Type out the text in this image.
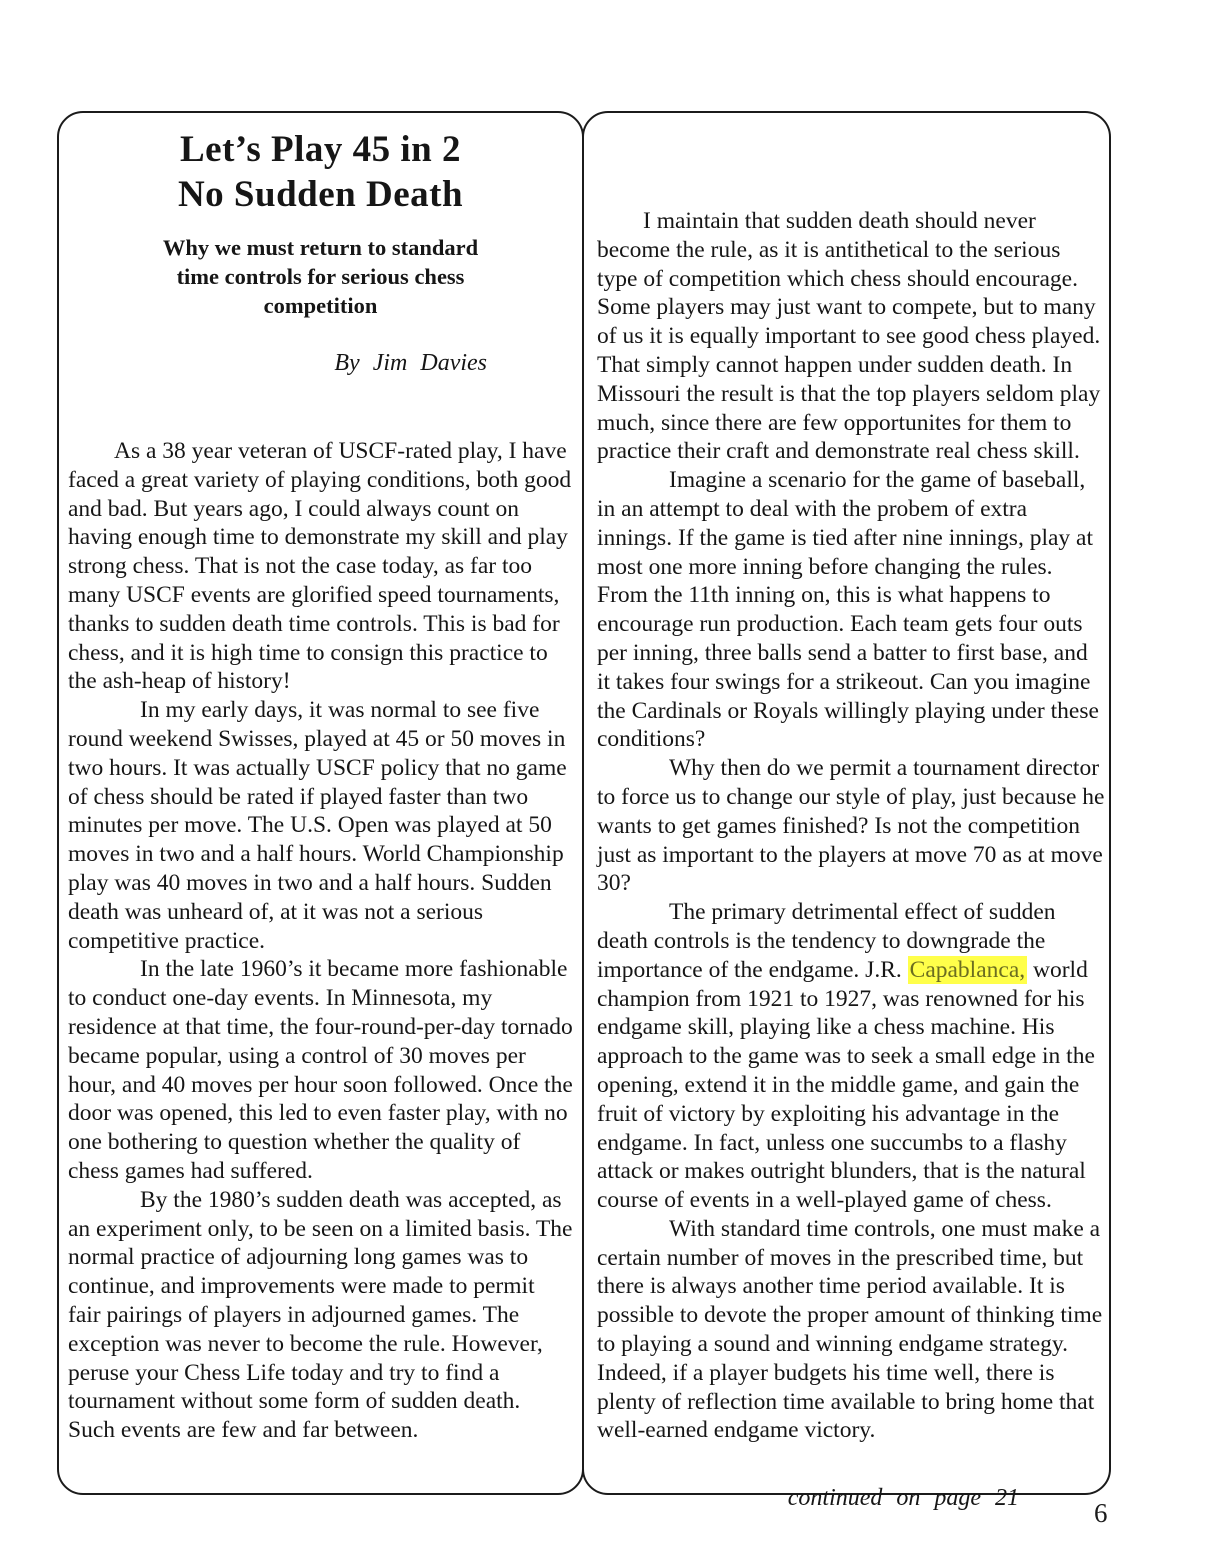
Let’s Play 45 in 2
No Sudden Death
Why we must return to standard
time controls for serious chess
competition
By Jim Davies

As a 38 year veteran of USCF-rated play, I have faced a great variety of playing conditions, both good and bad. But years ago, I could always count on having enough time to demonstrate my skill and play strong chess. That is not the case today, as far too many USCF events are glorified speed tournaments, thanks to sudden death time controls. This is bad for chess, and it is high time to consign this practice to the ash-heap of history!

In my early days, it was normal to see five round weekend Swisses, played at 45 or 50 moves in two hours. It was actually USCF policy that no game of chess should be rated if played faster than two minutes per move. The U.S. Open was played at 50 moves in two and a half hours. World Championship play was 40 moves in two and a half hours. Sudden death was unheard of, at it was not a serious competitive practice.

In the late 1960’s it became more fashionable to conduct one-day events. In Minnesota, my residence at that time, the four-round-per-day tornado became popular, using a control of 30 moves per hour, and 40 moves per hour soon followed. Once the door was opened, this led to even faster play, with no one bothering to question whether the quality of chess games had suffered.

By the 1980’s sudden death was accepted, as an experiment only, to be seen on a limited basis. The normal practice of adjourning long games was to continue, and improvements were made to permit fair pairings of players in adjourned games. The exception was never to become the rule. However, peruse your Chess Life today and try to find a tournament without some form of sudden death. Such events are few and far between.

I maintain that sudden death should never become the rule, as it is antithetical to the serious type of competition which chess should encourage. Some players may just want to compete, but to many of us it is equally important to see good chess played. That simply cannot happen under sudden death. In Missouri the result is that the top players seldom play much, since there are few opportunites for them to practice their craft and demonstrate real chess skill.

Imagine a scenario for the game of baseball, in an attempt to deal with the probem of extra innings. If the game is tied after nine innings, play at most one more inning before changing the rules. From the 11th inning on, this is what happens to encourage run production. Each team gets four outs per inning, three balls send a batter to first base, and it takes four swings for a strikeout. Can you imagine the Cardinals or Royals willingly playing under these conditions?

Why then do we permit a tournament director to force us to change our style of play, just because he wants to get games finished? Is not the competition just as important to the players at move 70 as at move 30?

The primary detrimental effect of sudden death controls is the tendency to downgrade the importance of the endgame. J.R. Capablanca, world champion from 1921 to 1927, was renowned for his endgame skill, playing like a chess machine. His approach to the game was to seek a small edge in the opening, extend it in the middle game, and gain the fruit of victory by exploiting his advantage in the endgame. In fact, unless one succumbs to a flashy attack or makes outright blunders, that is the natural course of events in a well-played game of chess.

With standard time controls, one must make a certain number of moves in the prescribed time, but there is always another time period available. It is possible to devote the proper amount of thinking time to playing a sound and winning endgame strategy. Indeed, if a player budgets his time well, there is plenty of reflection time available to bring home that well-earned endgame victory.

continued on page 21	6
